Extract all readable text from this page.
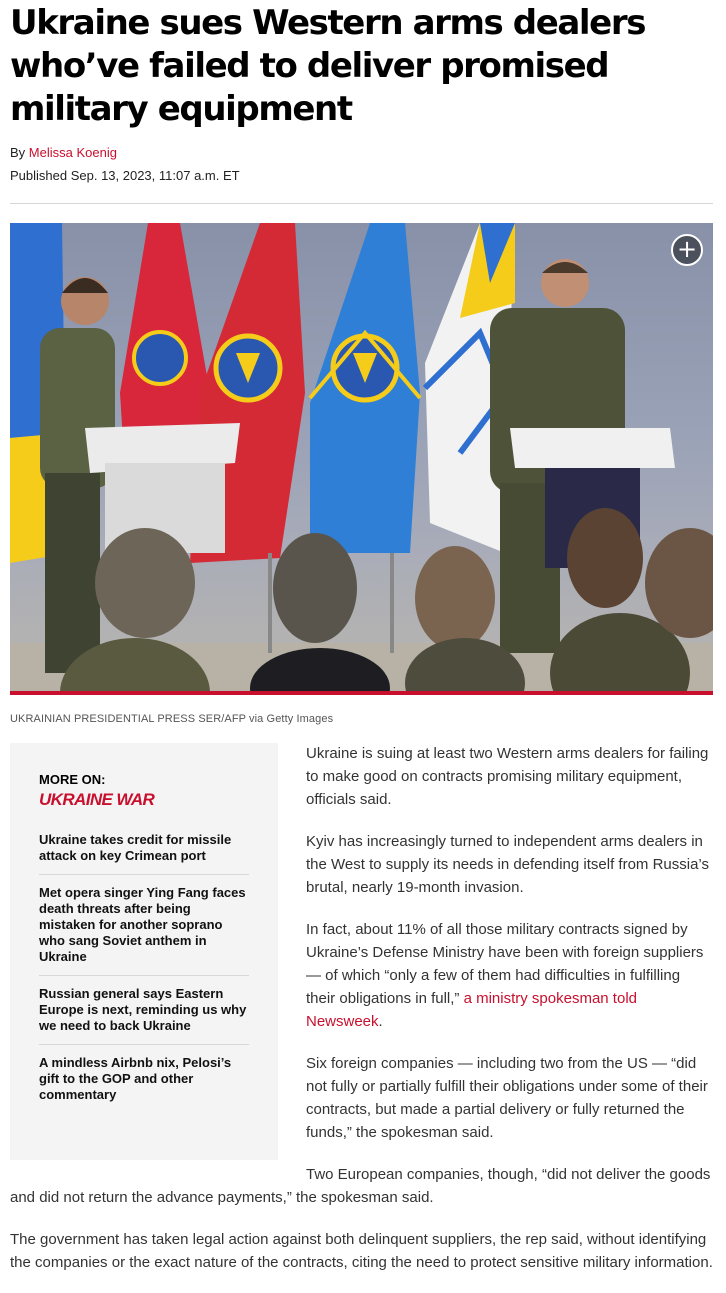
Ukraine sues Western arms dealers who’ve failed to deliver promised military equipment
By Melissa Koenig
Published Sep. 13, 2023, 11:07 a.m. ET
+
UKRAINIAN PRESIDENTIAL PRESS SER/AFP via Getty Images

Ukraine is suing at least two Western arms dealers for failing to make good on contracts promising military equipment, officials said.

Kyiv has increasingly turned to independent arms dealers in the West to supply its needs in defending itself from Russia’s brutal, nearly 19-month invasion.

In fact, about 11% of all those military contracts signed by Ukraine’s Defense Ministry have been with foreign suppliers — of which “only a few of them had difficulties in fulfilling their obligations in full,” a ministry spokesman told Newsweek.

Six foreign companies — including two from the US — “did not fully or partially fulfill their obligations under some of their contracts, but made a partial delivery or fully returned the funds,” the spokesman said.

Two European companies, though, “did not deliver the goods and did not return the advance payments,” the spokesman said.

The government has taken legal action against both delinquent suppliers, the rep said, without identifying the companies or the exact nature of the contracts, citing the need to protect sensitive military information.

MORE ON:
UKRAINE WAR
Ukraine takes credit for missile attack on key Crimean port
Met opera singer Ying Fang faces death threats after being mistaken for another soprano who sang Soviet anthem in Ukraine
Russian general says Eastern Europe is next, reminding us why we need to back Ukraine
A mindless Airbnb nix, Pelosi’s gift to the GOP and other commentary
